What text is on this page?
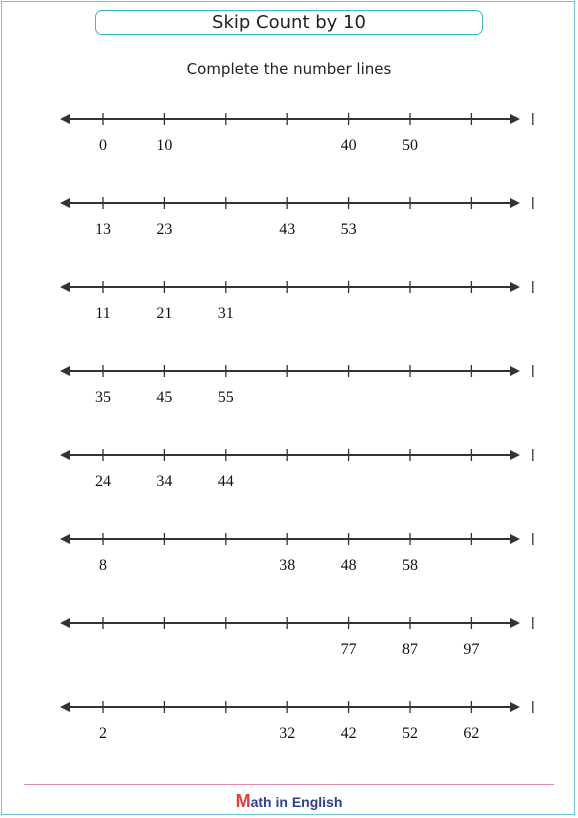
Skip Count by 10
Complete the number lines
0	10	40	50
13	23	43	53
11	21	31
35	45	55
24	34	44
8	38	48	58
77	87	97
2	32	42	52	62
Math in English
